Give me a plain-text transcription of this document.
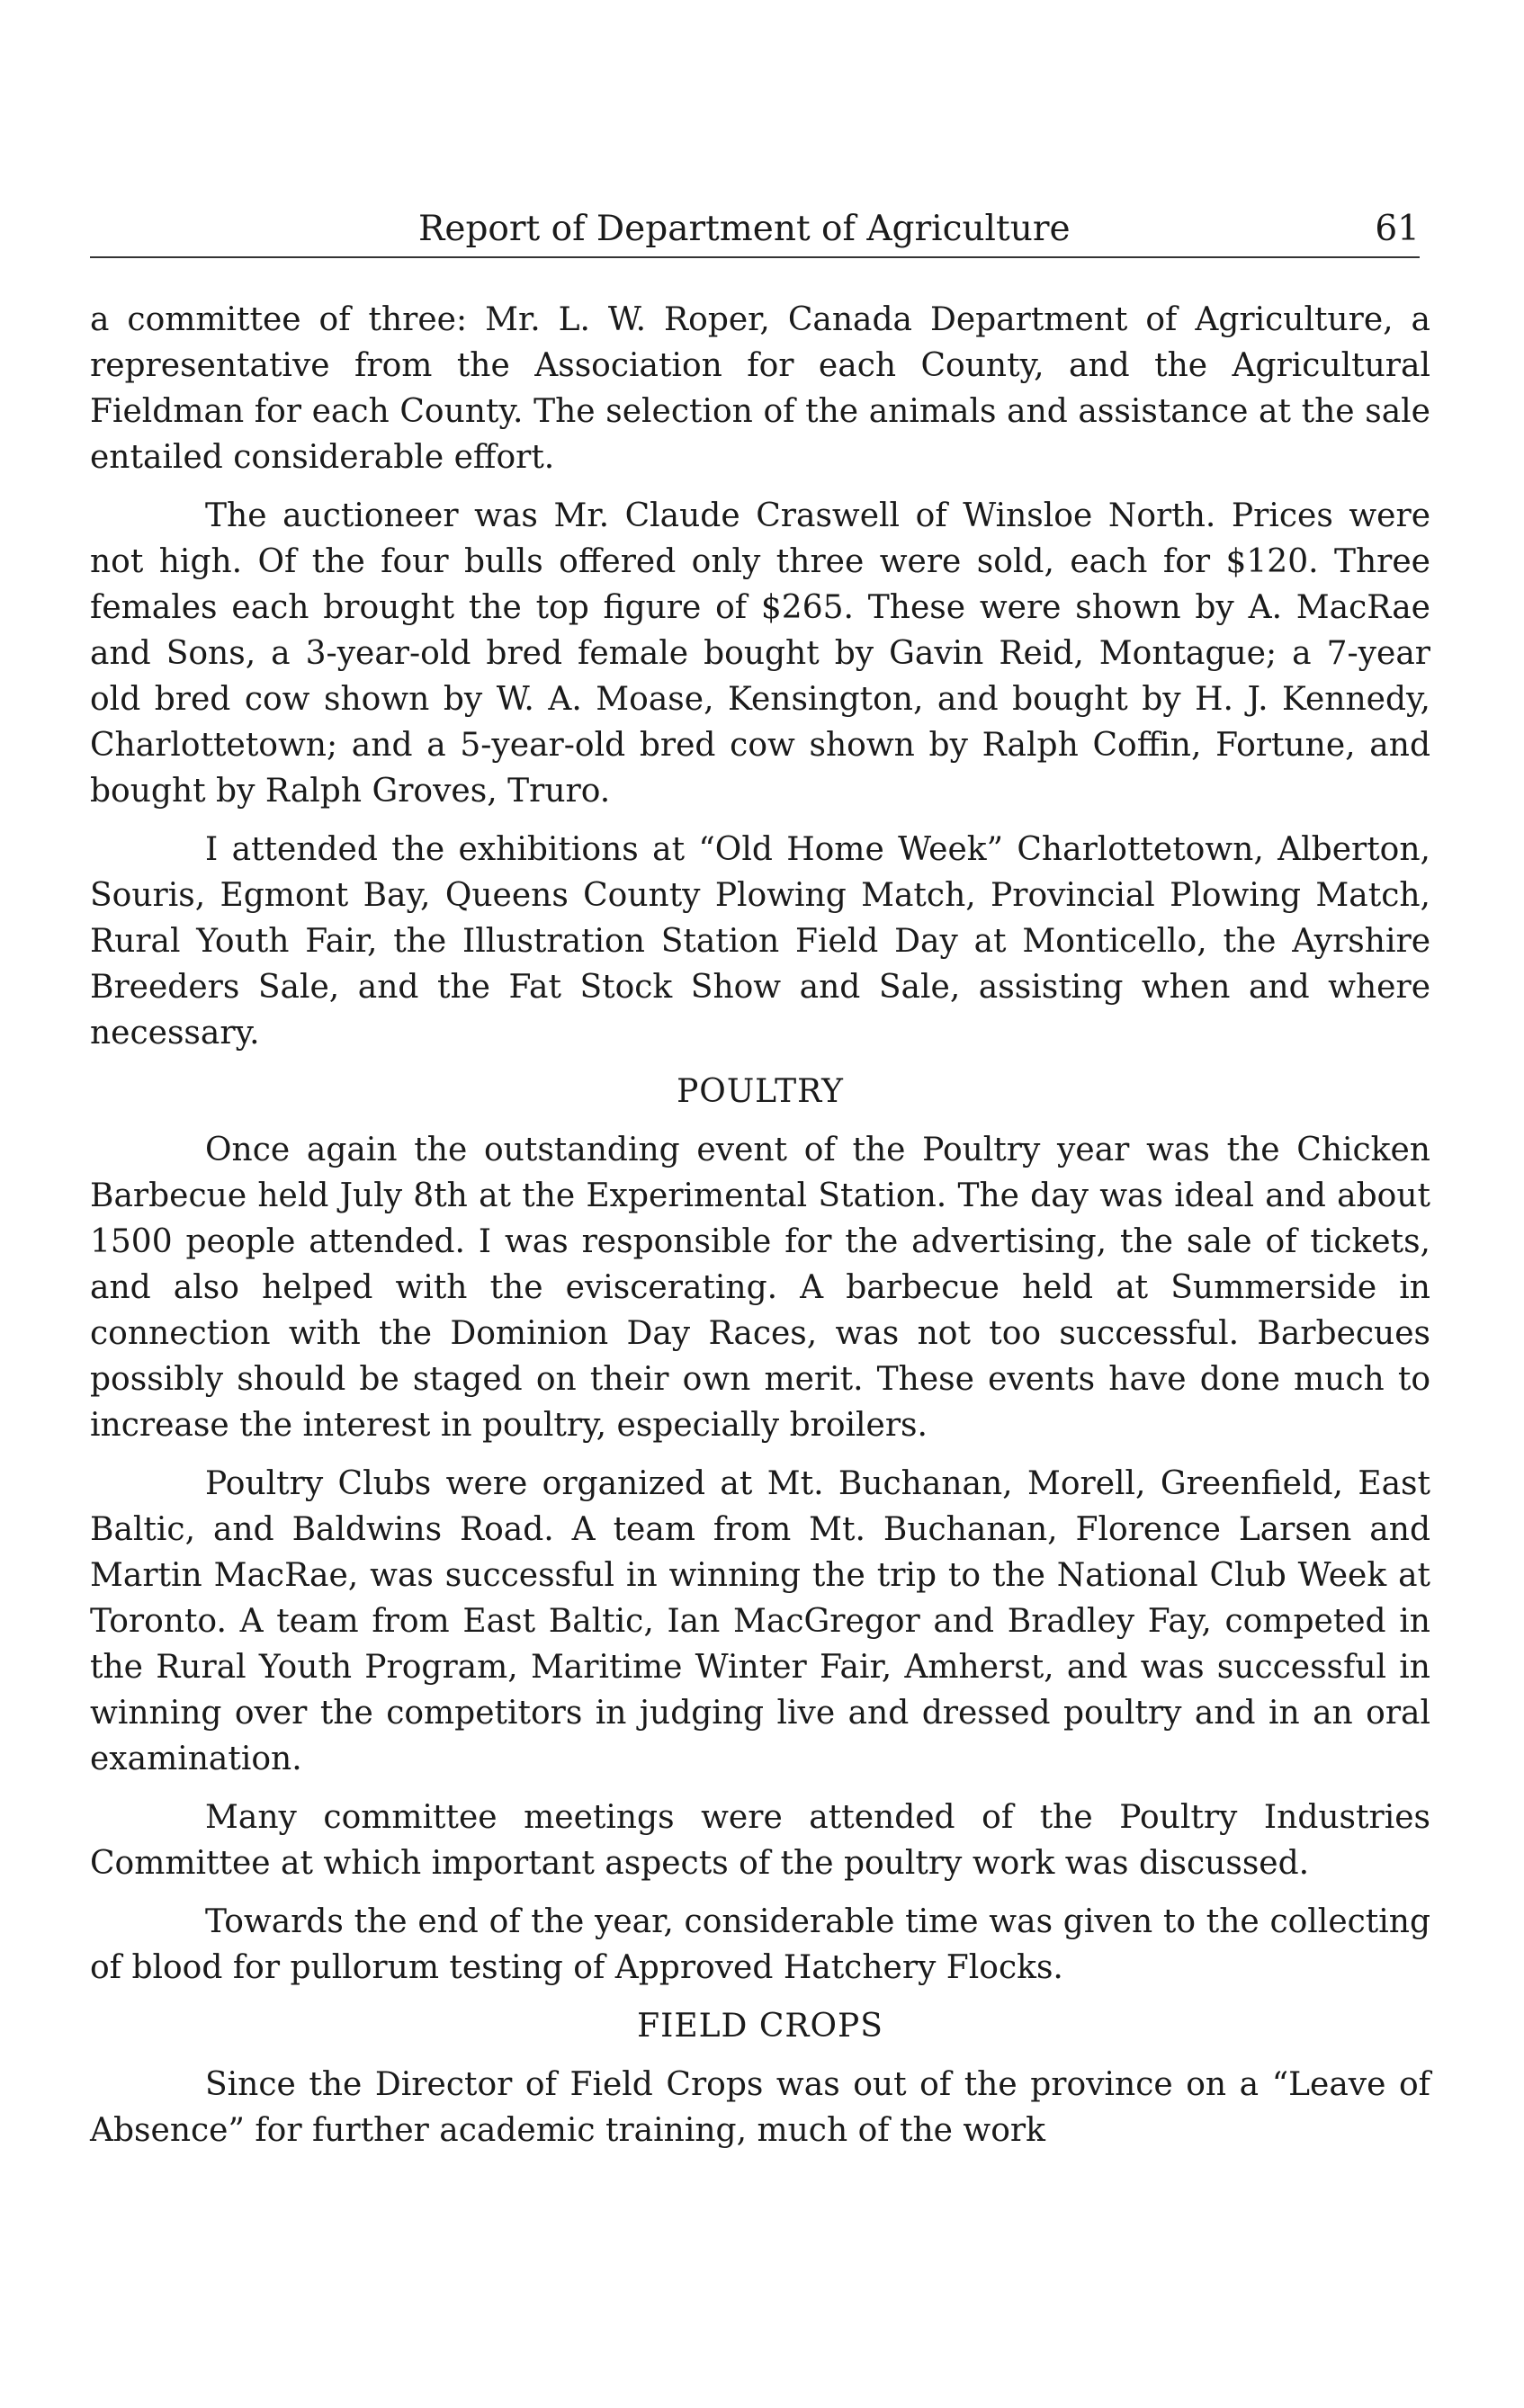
Report of Department of Agriculture	61

a committee of three: Mr. L. W. Roper, Canada Department of Agriculture, a representative from the Association for each County, and the Agricultural Fieldman for each County. The selection of the animals and assistance at the sale entailed considerable effort.

The auctioneer was Mr. Claude Craswell of Winsloe North. Prices were not high. Of the four bulls offered only three were sold, each for $120. Three females each brought the top figure of $265. These were shown by A. MacRae and Sons, a 3-year-old bred female bought by Gavin Reid, Montague; a 7-year old bred cow shown by W. A. Moase, Kensington, and bought by H. J. Kennedy, Charlottetown; and a 5-year-old bred cow shown by Ralph Coffin, Fortune, and bought by Ralph Groves, Truro.

I attended the exhibitions at “Old Home Week” Charlottetown, Alberton, Souris, Egmont Bay, Queens County Plowing Match, Provincial Plowing Match, Rural Youth Fair, the Illustration Station Field Day at Monticello, the Ayrshire Breeders Sale, and the Fat Stock Show and Sale, assisting when and where necessary.

POULTRY

Once again the outstanding event of the Poultry year was the Chicken Barbecue held July 8th at the Experimental Station. The day was ideal and about 1500 people attended. I was responsible for the advertising, the sale of tickets, and also helped with the eviscerating. A barbecue held at Summerside in connection with the Dominion Day Races, was not too successful. Barbecues possibly should be staged on their own merit. These events have done much to increase the interest in poultry, especially broilers.

Poultry Clubs were organized at Mt. Buchanan, Morell, Greenfield, East Baltic, and Baldwins Road. A team from Mt. Buchanan, Florence Larsen and Martin MacRae, was successful in winning the trip to the National Club Week at Toronto. A team from East Baltic, Ian MacGregor and Bradley Fay, competed in the Rural Youth Program, Maritime Winter Fair, Amherst, and was successful in winning over the competitors in judging live and dressed poultry and in an oral examination.

Many committee meetings were attended of the Poultry Industries Committee at which important aspects of the poultry work was discussed.

Towards the end of the year, considerable time was given to the collecting of blood for pullorum testing of Approved Hatchery Flocks.

FIELD CROPS

Since the Director of Field Crops was out of the province on a “Leave of Absence” for further academic training, much of the work
